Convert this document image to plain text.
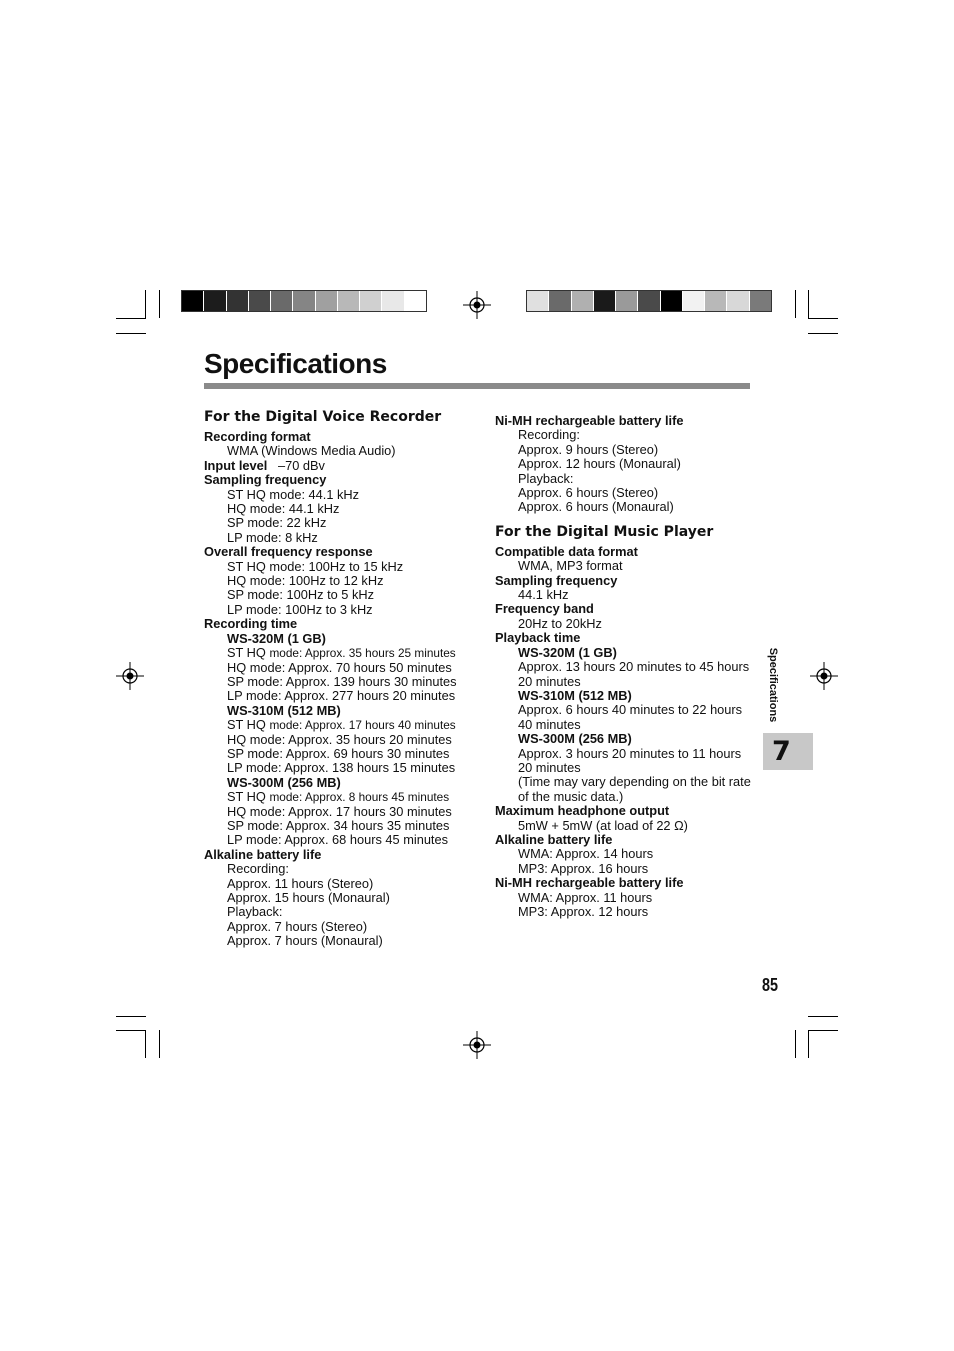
Specifications
For the Digital Voice Recorder
Recording format
WMA (Windows Media Audio)
Input level –70 dBv
Sampling frequency
ST HQ mode: 44.1 kHz
HQ mode: 44.1 kHz
SP mode: 22 kHz
LP mode: 8 kHz
Overall frequency response
ST HQ mode: 100Hz to 15 kHz
HQ mode: 100Hz to 12 kHz
SP mode: 100Hz to 5 kHz
LP mode: 100Hz to 3 kHz
Recording time
WS-320M (1 GB)
ST HQ mode: Approx. 35 hours 25 minutes
HQ mode: Approx. 70 hours 50 minutes
SP mode: Approx. 139 hours 30 minutes
LP mode: Approx. 277 hours 20 minutes
WS-310M (512 MB)
ST HQ mode: Approx. 17 hours 40 minutes
HQ mode: Approx. 35 hours 20 minutes
SP mode: Approx. 69 hours 30 minutes
LP mode: Approx. 138 hours 15 minutes
WS-300M (256 MB)
ST HQ mode: Approx. 8 hours 45 minutes
HQ mode: Approx. 17 hours 30 minutes
SP mode: Approx. 34 hours 35 minutes
LP mode: Approx. 68 hours 45 minutes
Alkaline battery life
Recording:
Approx. 11 hours (Stereo)
Approx. 15 hours (Monaural)
Playback:
Approx. 7 hours (Stereo)
Approx. 7 hours (Monaural)
Ni-MH rechargeable battery life
Recording:
Approx. 9 hours (Stereo)
Approx. 12 hours (Monaural)
Playback:
Approx. 6 hours (Stereo)
Approx. 6 hours (Monaural)
For the Digital Music Player
Compatible data format
WMA, MP3 format
Sampling frequency
44.1 kHz
Frequency band
20Hz to 20kHz
Playback time
WS-320M (1 GB)
Approx. 13 hours 20 minutes to 45 hours
20 minutes
WS-310M (512 MB)
Approx. 6 hours 40 minutes to 22 hours
40 minutes
WS-300M (256 MB)
Approx. 3 hours 20 minutes to 11 hours
20 minutes
(Time may vary depending on the bit rate
of the music data.)
Maximum headphone output
5mW + 5mW (at load of 22 Ω)
Alkaline battery life
WMA: Approx. 14 hours
MP3: Approx. 16 hours
Ni-MH rechargeable battery life
WMA: Approx. 11 hours
MP3: Approx. 12 hours
Specifications
7
85
